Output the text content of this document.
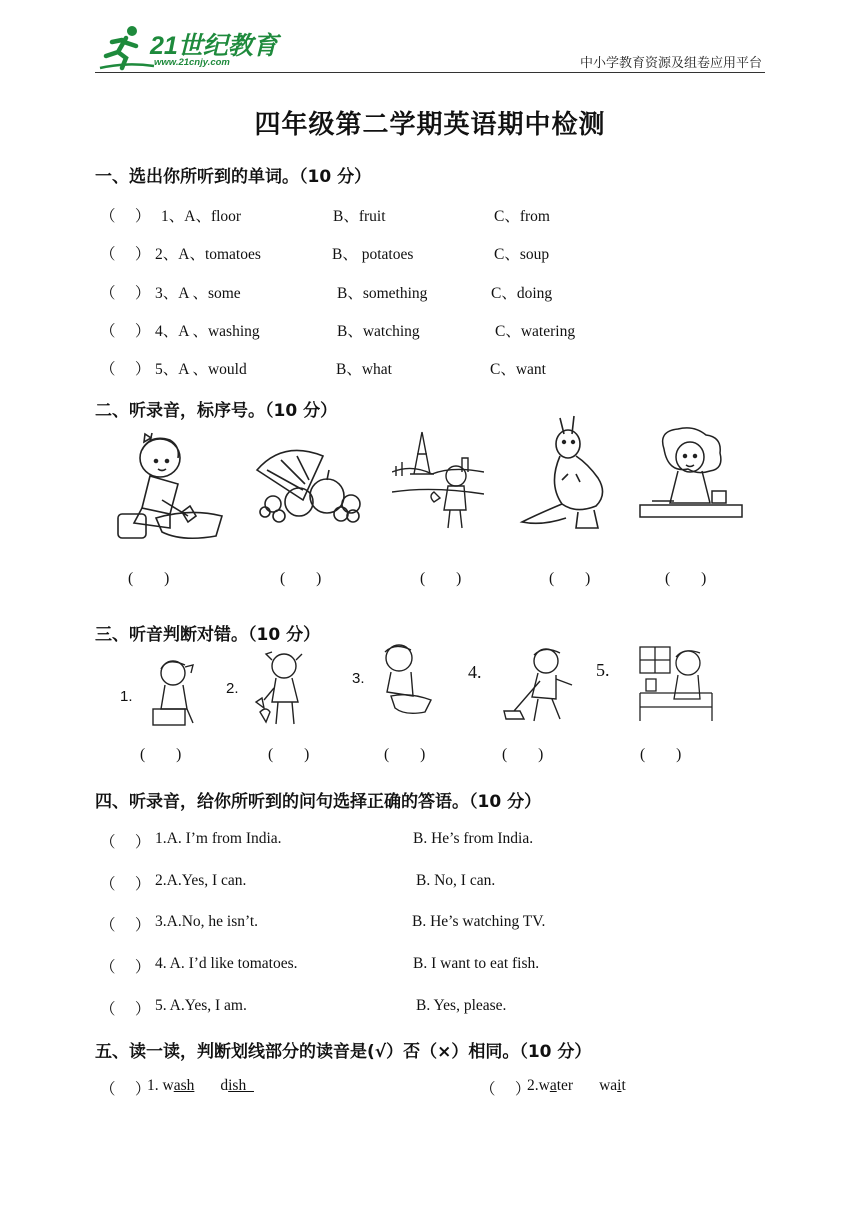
21世纪教育
www.21cnjy.com	中小学教育资源及组卷应用平台
四年级第二学期英语期中检测
一、选出你所听到的单词。（10 分）
（　 ） 1、A、floor	B、fruit	C、from
（　 ） 2、A、tomatoes	B、 potatoes	C、soup
（　 ） 3、A 、some	B、something	C、doing
（　 ） 4、A 、washing	B、watching	C、watering
（　 ） 5、A 、would	B、what	C、want
二、听录音，标序号。（10 分）
(　　)	(　　)	(　　)	(　　)	(　　)
三、听音判断对错。（10 分）
1.
(　　)
2.
(　　)
3.
(　　)
4.
(　　)
5.
(　　)
四、听录音，给你所听到的问句选择正确的答语。（10 分）
（　 ） 1.A. I’m from India.	B. He’s from India.
（　 ） 2.A.Yes, I can.	B. No, I can.
（　 ） 3.A.No, he isn’t.	B. He’s watching TV.
（　 ） 4. A. I’d like tomatoes.	B. I want to eat fish.
（　 ） 5. A.Yes, I am.	B. Yes, please.
五、读一读，判断划线部分的读音是(√）否（×）相同。（10 分）
（　 ）
1. wash dish	（　 ）
2.water wait
